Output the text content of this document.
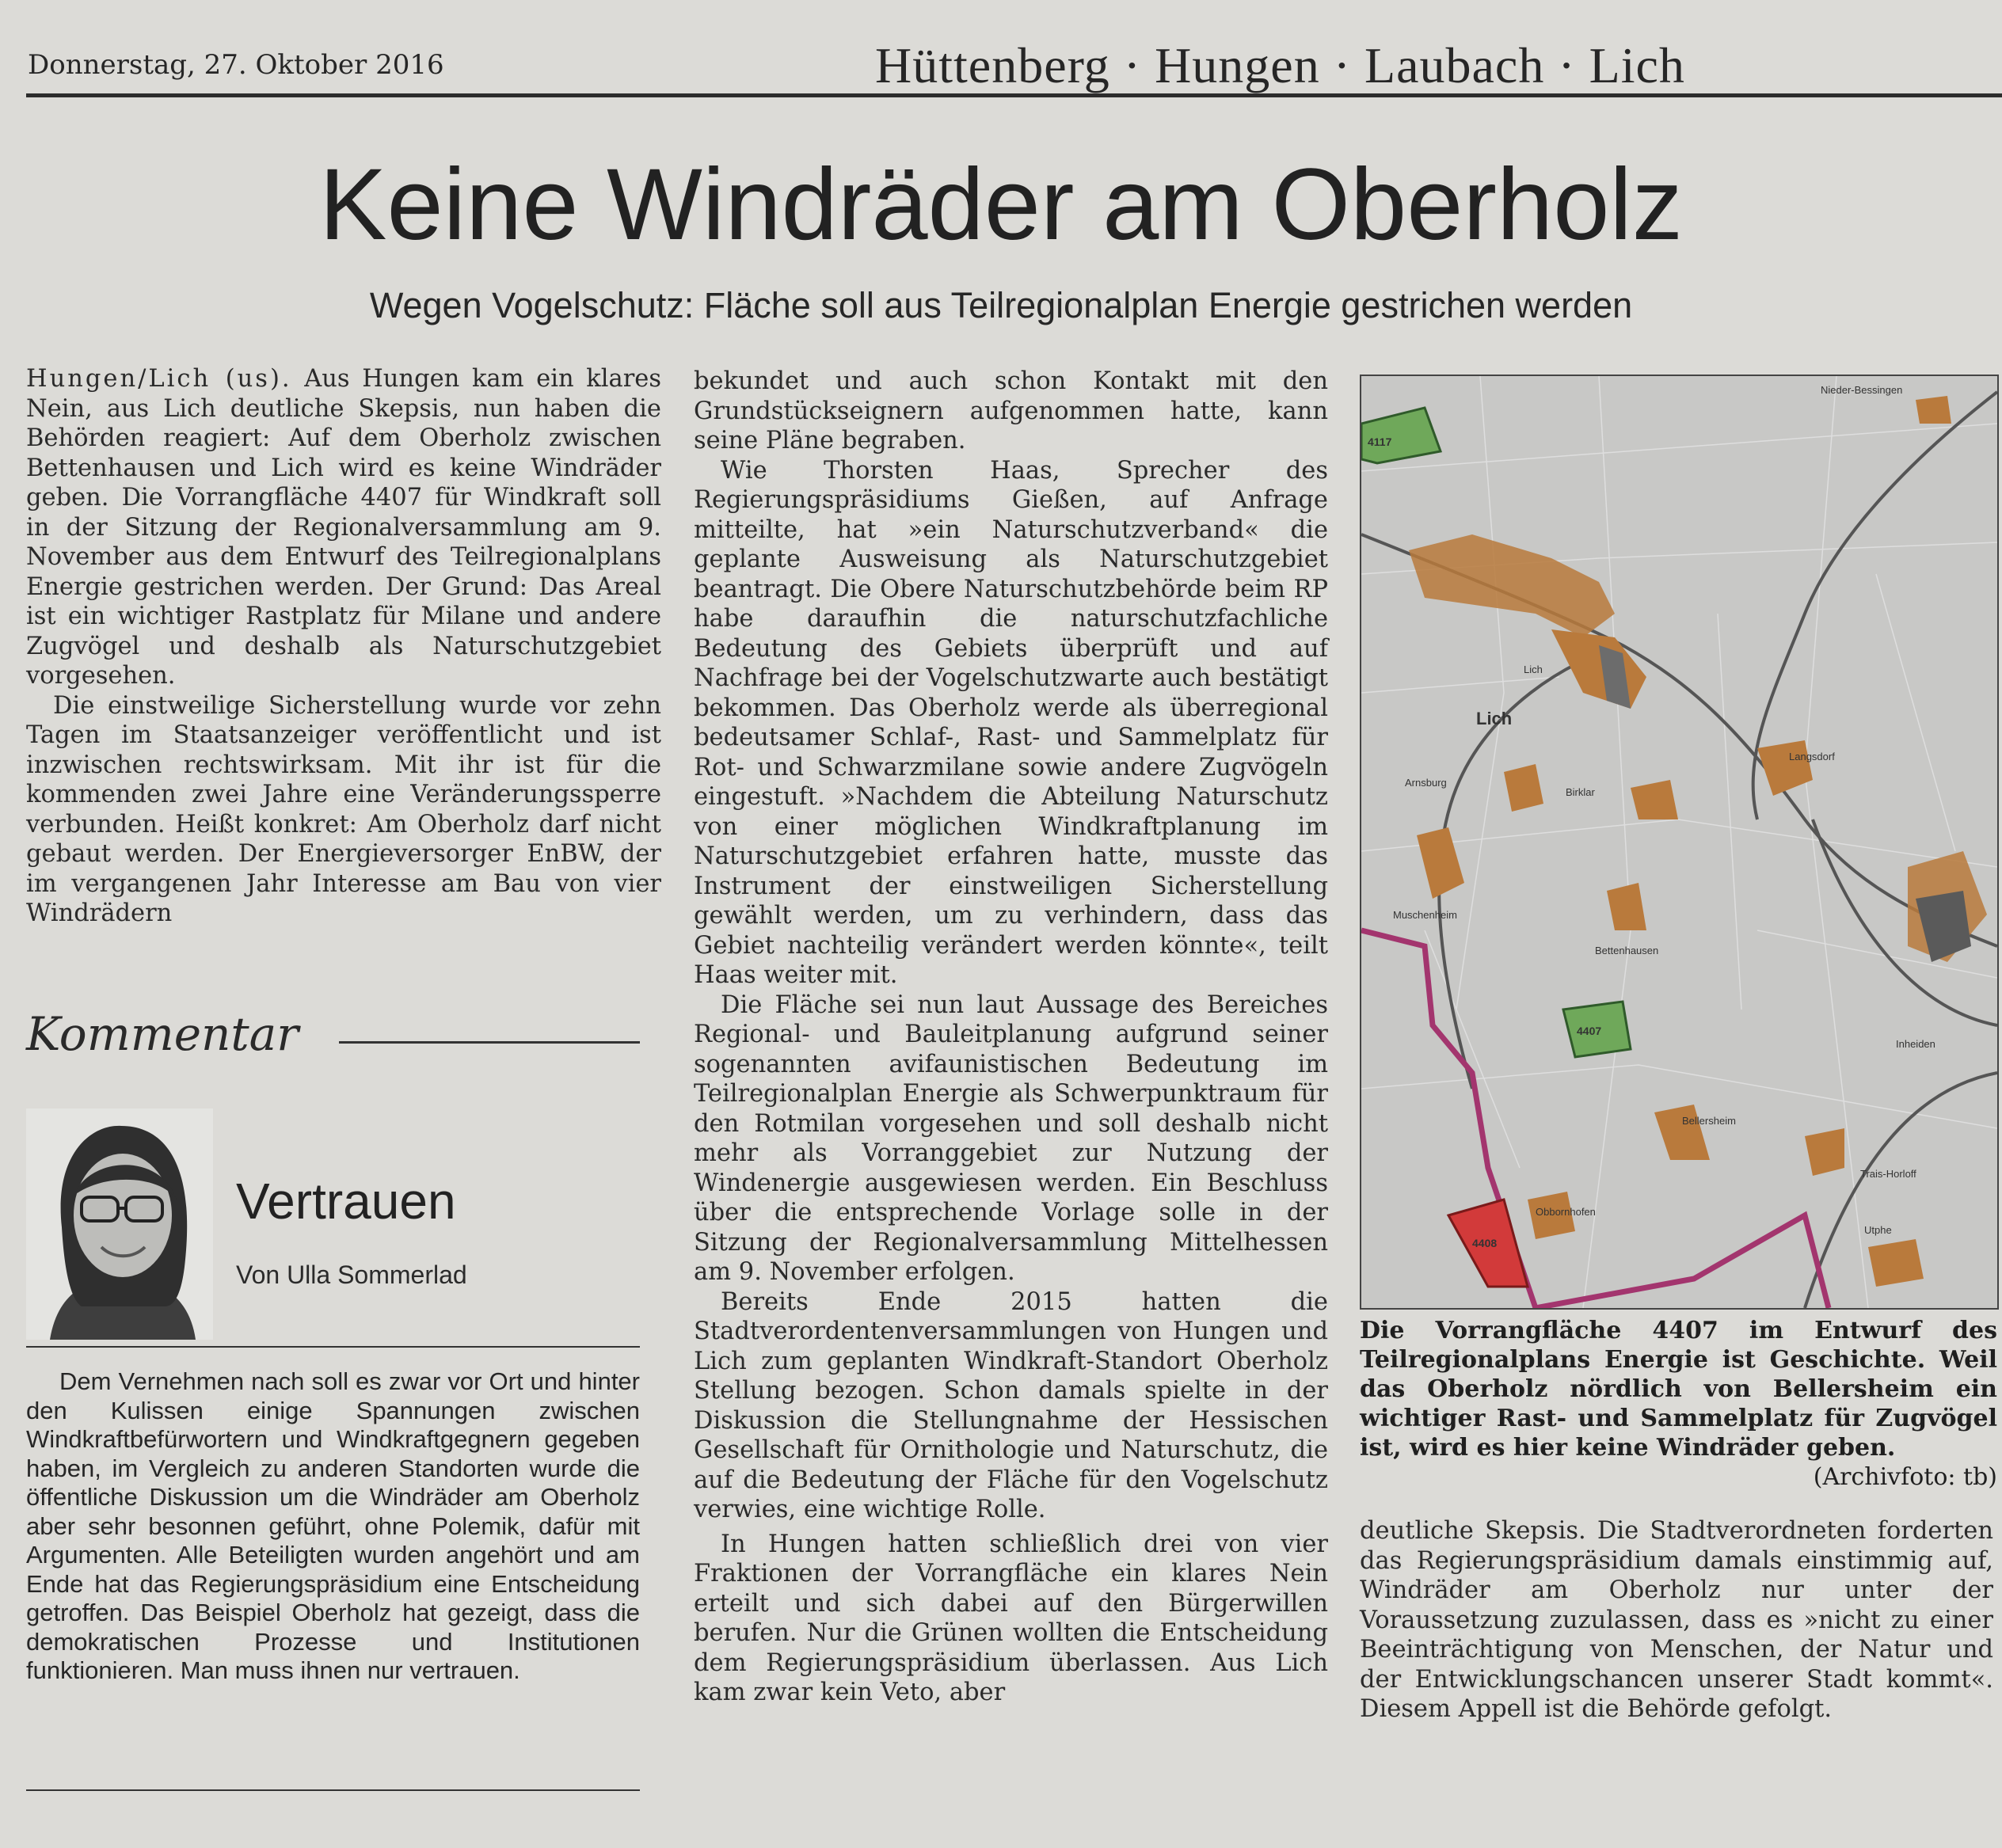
Donnerstag, 27. Oktober 2016	Hüttenberg · Hungen · Laubach · Lich
Keine Windräder am Oberholz
Wegen Vogelschutz: Fläche soll aus Teilregionalplan Energie gestrichen werden

Hungen/Lich (us). Aus Hungen kam ein klares Nein, aus Lich deutliche Skepsis, nun haben die Behörden reagiert: Auf dem Oberholz zwischen Bettenhausen und Lich wird es keine Windräder geben. Die Vorrangfläche 4407 für Windkraft soll in der Sitzung der Regionalversammlung am 9. November aus dem Entwurf des Teilregionalplans Energie gestrichen werden. Der Grund: Das Areal ist ein wichtiger Rastplatz für Milane und andere Zugvögel und deshalb als Naturschutzgebiet vorgesehen.

Die einstweilige Sicherstellung wurde vor zehn Tagen im Staatsanzeiger veröffentlicht und ist inzwischen rechtswirksam. Mit ihr ist für die kommenden zwei Jahre eine Veränderungssperre verbunden. Heißt konkret: Am Oberholz darf nicht gebaut werden. Der Energieversorger EnBW, der im vergangenen Jahr Interesse am Bau von vier Windrädern

Kommentar
Vertrauen
Von Ulla Sommerlad

Dem Vernehmen nach soll es zwar vor Ort und hinter den Kulissen einige Spannungen zwischen Windkraftbefürwortern und Windkraftgegnern gegeben haben, im Vergleich zu anderen Standorten wurde die öffentliche Diskussion um die Windräder am Oberholz aber sehr besonnen geführt, ohne Polemik, dafür mit Argumenten. Alle Beteiligten wurden angehört und am Ende hat das Regierungspräsidium eine Entscheidung getroffen. Das Beispiel Oberholz hat gezeigt, dass die demokratischen Prozesse und Institutionen funktionieren. Man muss ihnen nur vertrauen.

bekundet und auch schon Kontakt mit den Grundstückseignern aufgenommen hatte, kann seine Pläne begraben.

Wie Thorsten Haas, Sprecher des Regierungspräsidiums Gießen, auf Anfrage mitteilte, hat »ein Naturschutzverband« die geplante Ausweisung als Naturschutzgebiet beantragt. Die Obere Naturschutzbehörde beim RP habe daraufhin die naturschutzfachliche Bedeutung des Gebiets überprüft und auf Nachfrage bei der Vogelschutzwarte auch bestätigt bekommen. Das Oberholz werde als überregional bedeutsamer Schlaf-, Rast- und Sammelplatz für Rot- und Schwarzmilane sowie andere Zugvögeln eingestuft. »Nachdem die Abteilung Naturschutz von einer möglichen Windkraftplanung im Naturschutzgebiet erfahren hatte, musste das Instrument der einstweiligen Sicherstellung gewählt werden, um zu verhindern, dass das Gebiet nachteilig verändert werden könnte«, teilt Haas weiter mit.

Die Fläche sei nun laut Aussage des Bereiches Regional- und Bauleitplanung aufgrund seiner sogenannten avifaunistischen Bedeutung im Teilregionalplan Energie als Schwerpunktraum für den Rotmilan vorgesehen und soll deshalb nicht mehr als Vorranggebiet zur Nutzung der Windenergie ausgewiesen werden. Ein Beschluss über die entsprechende Vorlage solle in der Sitzung der Regionalversammlung Mittelhessen am 9. November erfolgen.

Bereits Ende 2015 hatten die Stadtverordentenversammlungen von Hungen und Lich zum geplanten Windkraft-Standort Oberholz Stellung bezogen. Schon damals spielte in der Diskussion die Stellungnahme der Hessischen Gesellschaft für Ornithologie und Naturschutz, die auf die Bedeutung der Fläche für den Vogelschutz verwies, eine wichtige Rolle.

In Hungen hatten schließlich drei von vier Fraktionen der Vorrangfläche ein klares Nein erteilt und sich dabei auf den Bürgerwillen berufen. Nur die Grünen wollten die Entscheidung dem Regierungspräsidium überlassen. Aus Lich kam zwar kein Veto, aber

4117
4407
4408
Nieder-Bessingen
Lich
Lich
Langsdorf
Arnsburg
Birklar
Muschenheim
Bettenhausen
Inheiden
Bellersheim
Trais-Horloff
Obbornhofen
Utphe
Die Vorrangfläche 4407 im Entwurf des Teilregionalplans Energie ist Geschichte. Weil das Oberholz nördlich von Bellersheim ein wichtiger Rast- und Sammelplatz für Zugvögel ist, wird es hier keine Windräder geben.
(Archivfoto: tb)

deutliche Skepsis. Die Stadtverordneten forderten das Regierungspräsidium damals einstimmig auf, Windräder am Oberholz nur unter der Voraussetzung zuzulassen, dass es »nicht zu einer Beeinträchtigung von Menschen, der Natur und der Entwicklungschancen unserer Stadt kommt«. Diesem Appell ist die Behörde gefolgt.
